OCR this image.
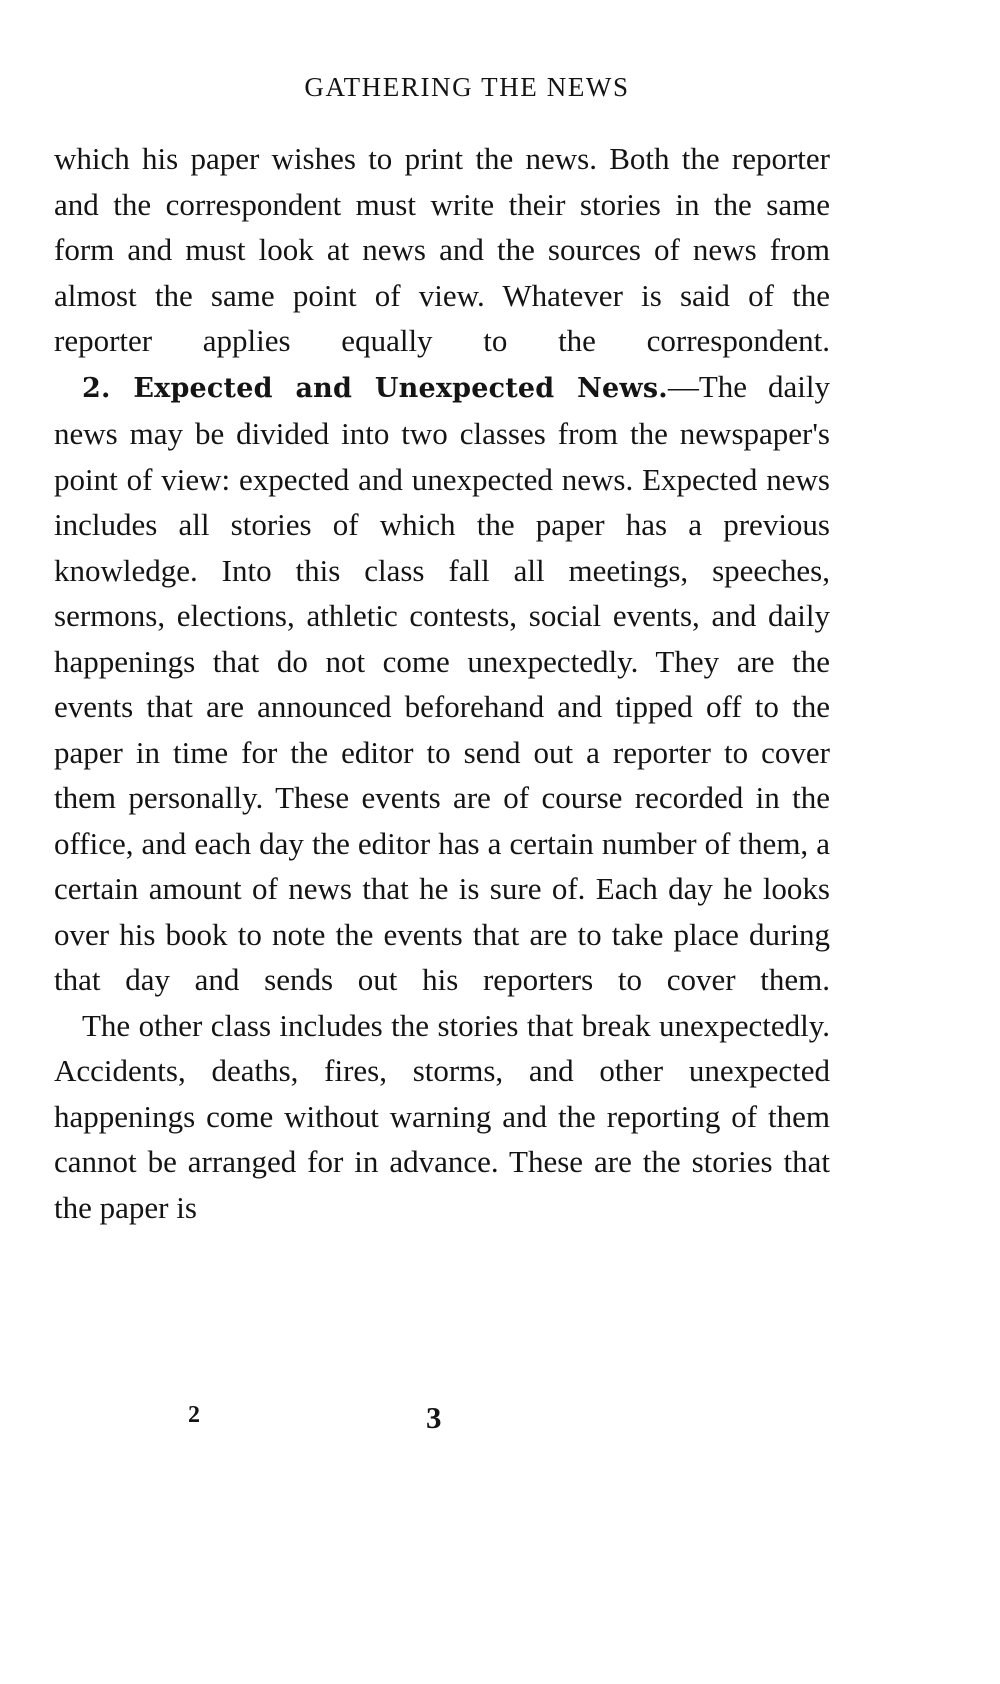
GATHERING THE NEWS

which his paper wishes to print the news. Both the reporter and the correspondent must write their stories in the same form and must look at news and the sources of news from almost the same point of view. Whatever is said of the reporter applies equally to the correspondent.

2. Expected and Unexpected News.—The daily news may be divided into two classes from the newspaper's point of view: expected and unexpected news. Expected news includes all stories of which the paper has a previous knowledge. Into this class fall all meetings, speeches, sermons, elections, athletic contests, social events, and daily happenings that do not come unexpectedly. They are the events that are announced beforehand and tipped off to the paper in time for the editor to send out a reporter to cover them personally. These events are of course recorded in the office, and each day the editor has a certain number of them, a certain amount of news that he is sure of. Each day he looks over his book to note the events that are to take place during that day and sends out his reporters to cover them.

The other class includes the stories that break unexpectedly. Accidents, deaths, fires, storms, and other unexpected happenings come without warning and the reporting of them cannot be arranged for in advance. These are the stories that the paper is

2	3
